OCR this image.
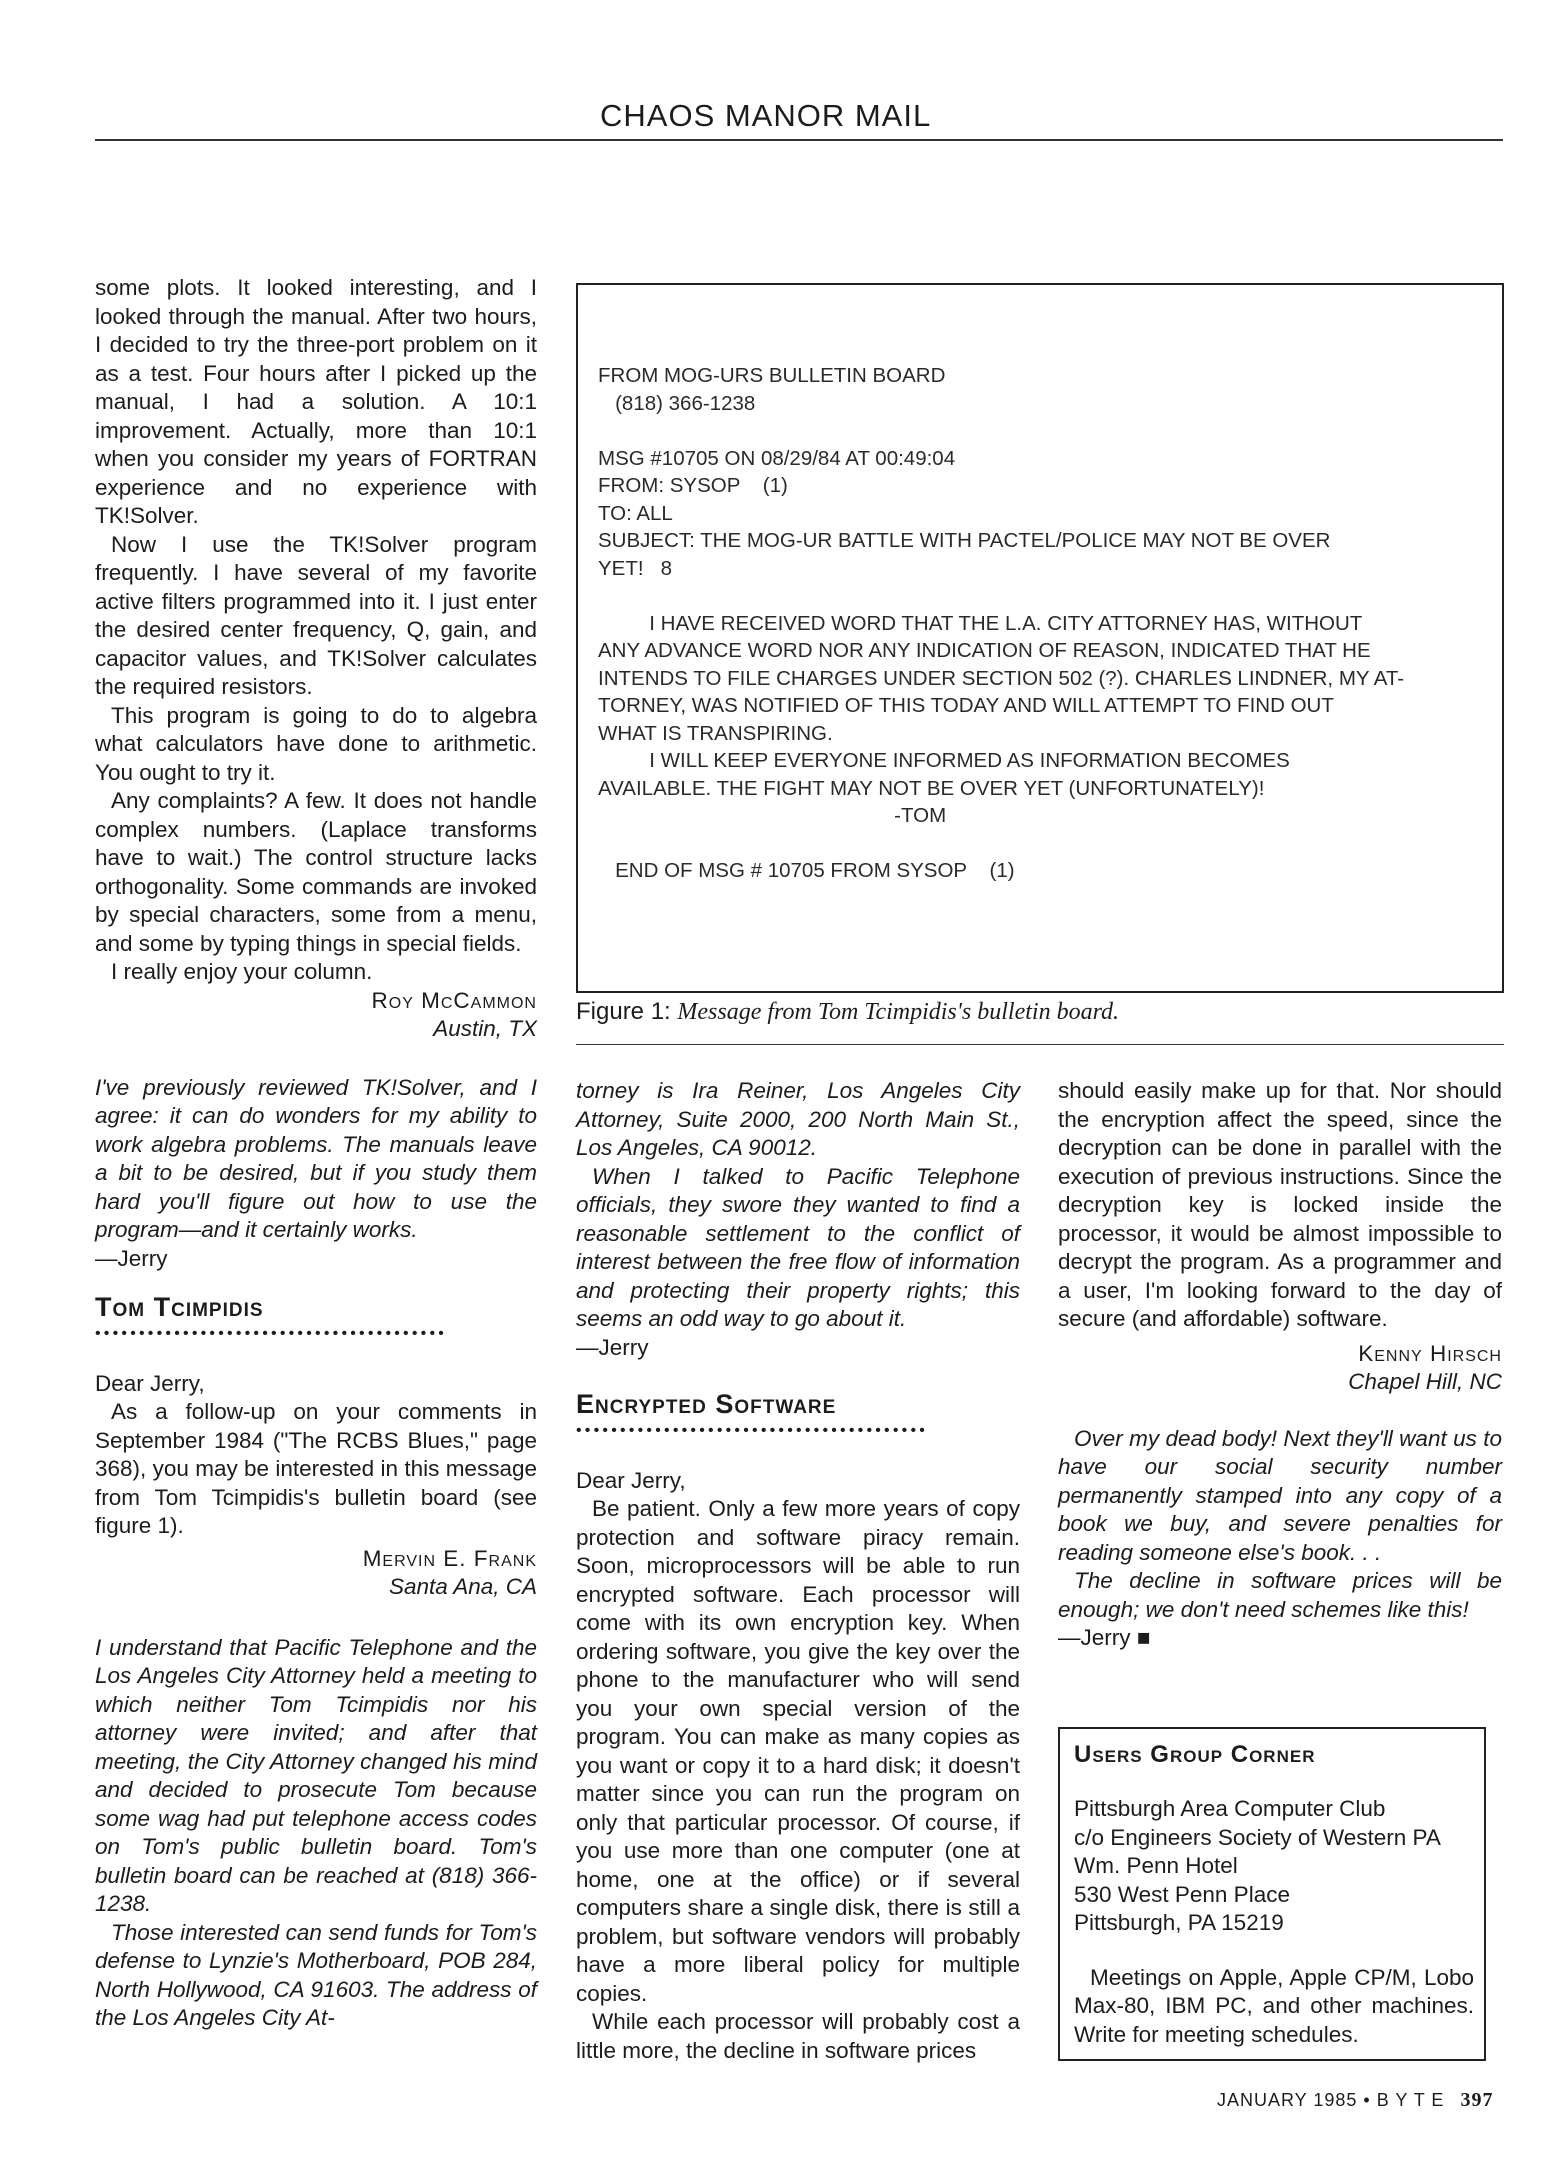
CHAOS MANOR MAIL

some plots. It looked interesting, and I looked through the manual. After two hours, I decided to try the three-port problem on it as a test. Four hours after I picked up the manual, I had a solution. A 10:1 improvement. Actually, more than 10:1 when you consider my years of FORTRAN experience and no experience with TK!Solver.

Now I use the TK!Solver program frequently. I have several of my favorite active filters programmed into it. I just enter the desired center frequency, Q, gain, and capacitor values, and TK!Solver calculates the required resistors.

This program is going to do to algebra what calculators have done to arithmetic. You ought to try it.

Any complaints? A few. It does not handle complex numbers. (Laplace transforms have to wait.) The control structure lacks orthogonality. Some commands are invoked by special characters, some from a menu, and some by typing things in special fields.

I really enjoy your column.

Roy McCammon

Austin, TX

I've previously reviewed TK!Solver, and I agree: it can do wonders for my ability to work algebra problems. The manuals leave a bit to be desired, but if you study them hard you'll figure out how to use the program—and it certainly works.

—Jerry

Tom Tcimpidis
••••••••••••••••••••••••••••••••••••••••

Dear Jerry,

As a follow-up on your comments in September 1984 ("The RCBS Blues," page 368), you may be interested in this message from Tom Tcimpidis's bulletin board (see figure 1).

Mervin E. Frank

Santa Ana, CA

I understand that Pacific Telephone and the Los Angeles City Attorney held a meeting to which neither Tom Tcimpidis nor his attorney were invited; and after that meeting, the City Attorney changed his mind and decided to prosecute Tom because some wag had put telephone access codes on Tom's public bulletin board. Tom's bulletin board can be reached at (818) 366-1238.

Those interested can send funds for Tom's defense to Lynzie's Motherboard, POB 284, North Hollywood, CA 91603. The address of the Los Angeles City At-

FROM MOG-URS BULLETIN BOARD
(818) 366-1238

MSG #10705 ON 08/29/84 AT 00:49:04
FROM: SYSOP    (1)
TO: ALL
SUBJECT: THE MOG-UR BATTLE WITH PACTEL/POLICE MAY NOT BE OVER
YET!   8

I HAVE RECEIVED WORD THAT THE L.A. CITY ATTORNEY HAS, WITHOUT
ANY ADVANCE WORD NOR ANY INDICATION OF REASON, INDICATED THAT HE
INTENDS TO FILE CHARGES UNDER SECTION 502 (?). CHARLES LINDNER, MY AT-
TORNEY, WAS NOTIFIED OF THIS TODAY AND WILL ATTEMPT TO FIND OUT
WHAT IS TRANSPIRING.
I WILL KEEP EVERYONE INFORMED AS INFORMATION BECOMES
AVAILABLE. THE FIGHT MAY NOT BE OVER YET (UNFORTUNATELY)!
-TOM

END OF MSG # 10705 FROM SYSOP    (1)
Figure 1: Message from Tom Tcimpidis's bulletin board.

torney is Ira Reiner, Los Angeles City Attorney, Suite 2000, 200 North Main St., Los Angeles, CA 90012.

When I talked to Pacific Telephone officials, they swore they wanted to find a reasonable settlement to the conflict of interest between the free flow of information and protecting their property rights; this seems an odd way to go about it.

—Jerry

Encrypted Software
••••••••••••••••••••••••••••••••••••••••

Dear Jerry,

Be patient. Only a few more years of copy protection and software piracy remain. Soon, microprocessors will be able to run encrypted software. Each processor will come with its own encryption key. When ordering software, you give the key over the phone to the manufacturer who will send you your own special version of the program. You can make as many copies as you want or copy it to a hard disk; it doesn't matter since you can run the program on only that particular processor. Of course, if you use more than one computer (one at home, one at the office) or if several computers share a single disk, there is still a problem, but software vendors will probably have a more liberal policy for multiple copies.

While each processor will probably cost a little more, the decline in software prices

should easily make up for that. Nor should the encryption affect the speed, since the decryption can be done in parallel with the execution of previous instructions. Since the decryption key is locked inside the processor, it would be almost impossible to decrypt the program. As a programmer and a user, I'm looking forward to the day of secure (and affordable) software.

Kenny Hirsch

Chapel Hill, NC

Over my dead body! Next they'll want us to have our social security number permanently stamped into any copy of a book we buy, and severe penalties for reading someone else's book. . .

The decline in software prices will be enough; we don't need schemes like this!

—Jerry ■

Users Group Corner

Pittsburgh Area Computer Club

c/o Engineers Society of Western PA

Wm. Penn Hotel

530 West Penn Place

Pittsburgh, PA 15219

Meetings on Apple, Apple CP/M, Lobo Max-80, IBM PC, and other machines. Write for meeting schedules.

JANUARY 1985 • B Y T E 397
